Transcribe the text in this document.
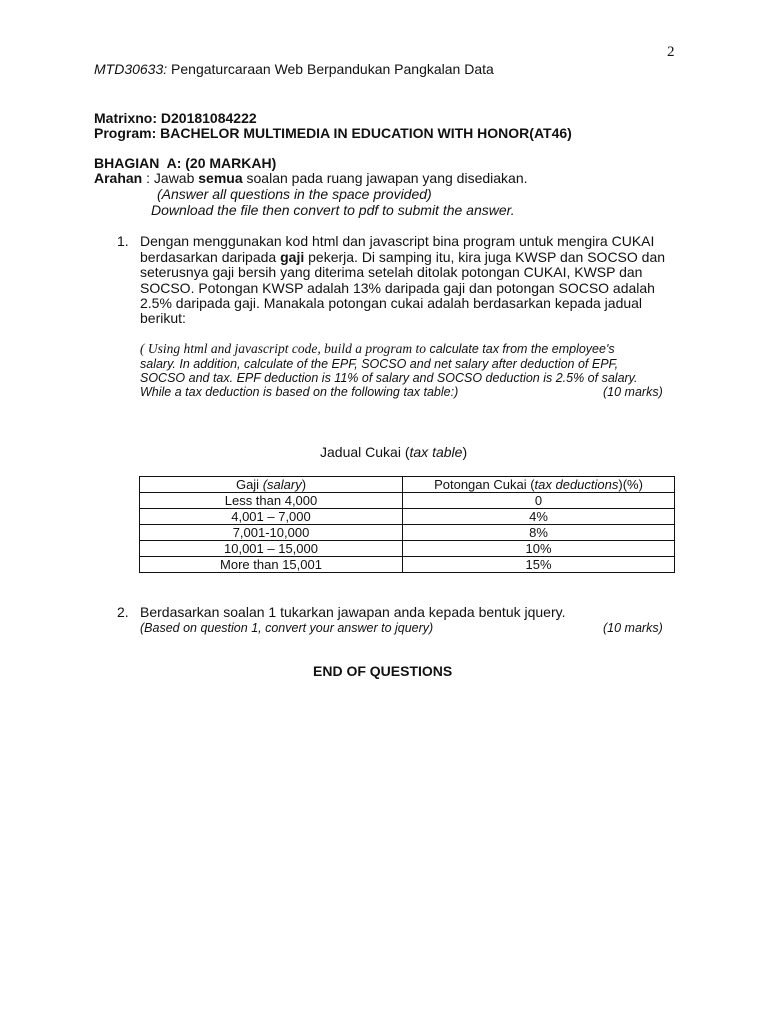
2
MTD30633: Pengaturcaraan Web Berpandukan Pangkalan Data
Matrixno: D20181084222
Program: BACHELOR MULTIMEDIA IN EDUCATION WITH HONOR(AT46)
BHAGIAN  A: (20 MARKAH)
Arahan : Jawab semua soalan pada ruang jawapan yang disediakan.
(Answer all questions in the space provided)
Download the file then convert to pdf to submit the answer.
1. Dengan menggunakan kod html dan javascript bina program untuk mengira CUKAI
berdasarkan daripada gaji pekerja. Di samping itu, kira juga KWSP dan SOCSO dan
seterusnya gaji bersih yang diterima setelah ditolak potongan CUKAI, KWSP dan
SOCSO. Potongan KWSP adalah 13% daripada gaji dan potongan SOCSO adalah
2.5% daripada gaji. Manakala potongan cukai adalah berdasarkan kepada jadual
berikut:
( Using html and javascript code, build a program to calculate tax from the employee's
salary. In addition, calculate of the EPF, SOCSO and net salary after deduction of EPF,
SOCSO and tax. EPF deduction is 11% of salary and SOCSO deduction is 2.5% of salary.
While a tax deduction is based on the following tax table:)	(10 marks)
Jadual Cukai (tax table)
Gaji (salary)	Potongan Cukai (tax deductions)(%)
Less than 4,000	0
4,001 – 7,000	4%
7,001-10,000	8%
10,001 – 15,000	10%
More than 15,001	15%
2. Berdasarkan soalan 1 tukarkan jawapan anda kepada bentuk jquery.
(Based on question 1, convert your answer to jquery)	(10 marks)
END OF QUESTIONS
